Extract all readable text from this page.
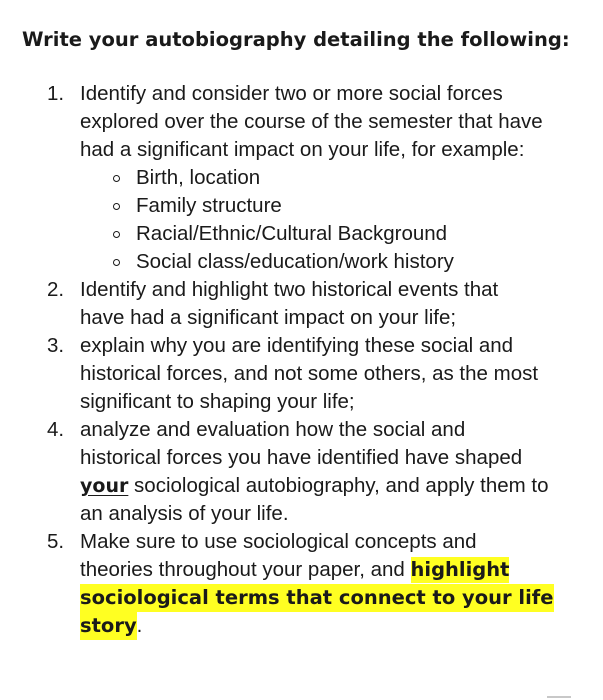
Write your autobiography detailing the following:
1. Identify and consider two or more social forces
explored over the course of the semester that have
had a significant impact on your life, for example:
Birth, location
Family structure
Racial/Ethnic/Cultural Background
Social class/education/work history
2. Identify and highlight two historical events that
have had a significant impact on your life;
3. explain why you are identifying these social and
historical forces, and not some others, as the most
significant to shaping your life;
4. analyze and evaluation how the social and
historical forces you have identified have shaped
your sociological autobiography, and apply them to
an analysis of your life.
5. Make sure to use sociological concepts and
theories throughout your paper, and highlight
sociological terms that connect to your life
story.
